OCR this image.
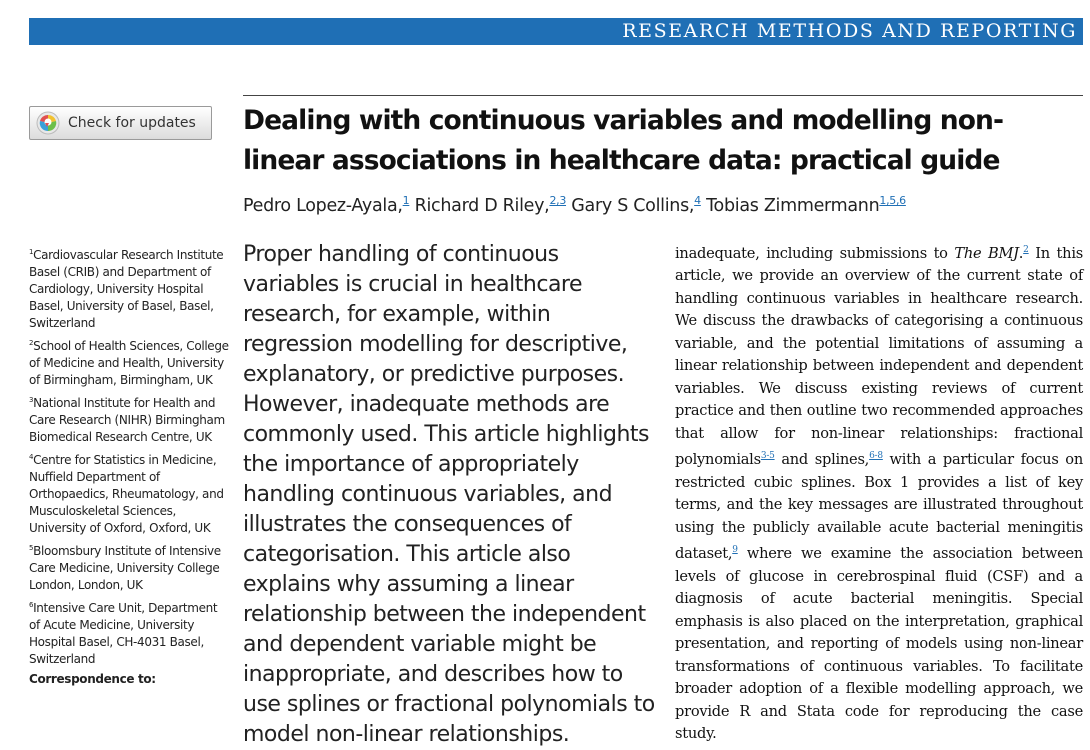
RESEARCH METHODS AND REPORTING
Check for updates Dealing with continuous variables and modelling non-linear associations in healthcare data: practical guide
Pedro Lopez-Ayala,$^1$ Richard D Riley,$^{2,3}$ Gary S Collins,$^4$ Tobias Zimmermann$^{1,5,6}$
$^1$Cardiovascular Research Institute Basel (CRIB) and Department of Cardiology, University Hospital Basel, University of Basel, Basel, Switzerland
$^2$School of Health Sciences, College of Medicine and Health, University of Birmingham, Birmingham, UK
$^3$National Institute for Health and Care Research (NIHR) Birmingham Biomedical Research Centre, UK
$^4$Centre for Statistics in Medicine, Nuffield Department of Orthopaedics, Rheumatology, and Musculoskeletal Sciences, University of Oxford, Oxford, UK
$^5$Bloomsbury Institute of Intensive Care Medicine, University College London, London, UK
$^6$Intensive Care Unit, Department of Acute Medicine, University Hospital Basel, CH-4031 Basel, Switzerland
Correspondence to:

Proper handling of continuous variables is crucial in healthcare research, for example, within regression modelling for descriptive, explanatory, or predictive purposes. However, inadequate methods are commonly used. This article highlights the importance of appropriately handling continuous variables, and illustrates the consequences of categorisation. This article also explains why assuming a linear relationship between the independent and dependent variable might be inappropriate, and describes how to use splines or fractional polynomials to model non-linear relationships.

inadequate, including submissions to The BMJ.$^2$ In this article, we provide an overview of the current state of handling continuous variables in healthcare research. We discuss the drawbacks of categorising a continuous variable, and the potential limitations of assuming a linear relationship between independent and dependent variables. We discuss existing reviews of current practice and then outline two recommended approaches that allow for non-linear relationships: fractional polynomials$^{3-5}$ and splines,$^{6-8}$ with a particular focus on restricted cubic splines. Box 1 provides a list of key terms, and the key messages are illustrated throughout using the publicly available acute bacterial meningitis dataset,$^9$ where we examine the association between levels of glucose in cerebrospinal fluid (CSF) and a diagnosis of acute bacterial meningitis. Special emphasis is also placed on the interpretation, graphical presentation, and reporting of models using non-linear transformations of continuous variables. To facilitate broader adoption of a flexible modelling approach, we provide R and Stata code for reproducing the case study.
